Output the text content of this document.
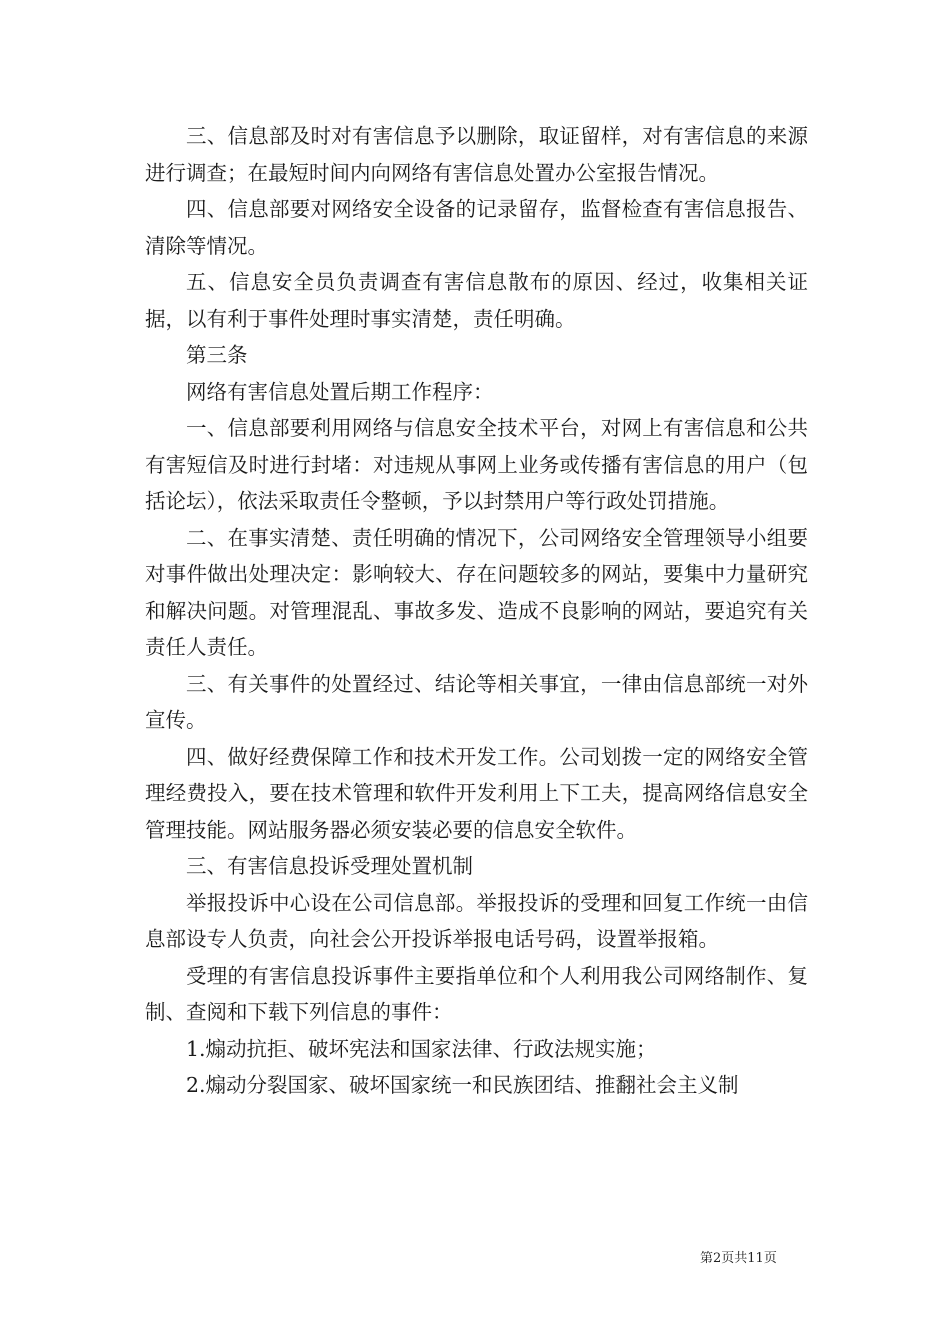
三、信息部及时对有害信息予以删除，取证留样，对有害信息的来源进行调查；在最短时间内向网络有害信息处置办公室报告情况。

四、信息部要对网络安全设备的记录留存，监督检查有害信息报告、清除等情况。

五、信息安全员负责调查有害信息散布的原因、经过，收集相关证据，以有利于事件处理时事实清楚，责任明确。

第三条

网络有害信息处置后期工作程序：

一、信息部要利用网络与信息安全技术平台，对网上有害信息和公共有害短信及时进行封堵：对违规从事网上业务或传播有害信息的用户（包括论坛），依法采取责任令整顿，予以封禁用户等行政处罚措施。

二、在事实清楚、责任明确的情况下，公司网络安全管理领导小组要对事件做出处理决定：影响较大、存在问题较多的网站，要集中力量研究和解决问题。对管理混乱、事故多发、造成不良影响的网站，要追究有关责任人责任。

三、有关事件的处置经过、结论等相关事宜，一律由信息部统一对外宣传。

四、做好经费保障工作和技术开发工作。公司划拨一定的网络安全管理经费投入，要在技术管理和软件开发利用上下工夫，提高网络信息安全管理技能。网站服务器必须安装必要的信息安全软件。

三、有害信息投诉受理处置机制

举报投诉中心设在公司信息部。举报投诉的受理和回复工作统一由信息部设专人负责，向社会公开投诉举报电话号码，设置举报箱。

受理的有害信息投诉事件主要指单位和个人利用我公司网络制作、复制、查阅和下载下列信息的事件：

1.煽动抗拒、破坏宪法和国家法律、行政法规实施；

2.煽动分裂国家、破坏国家统一和民族团结、推翻社会主义制

第2页共11页
